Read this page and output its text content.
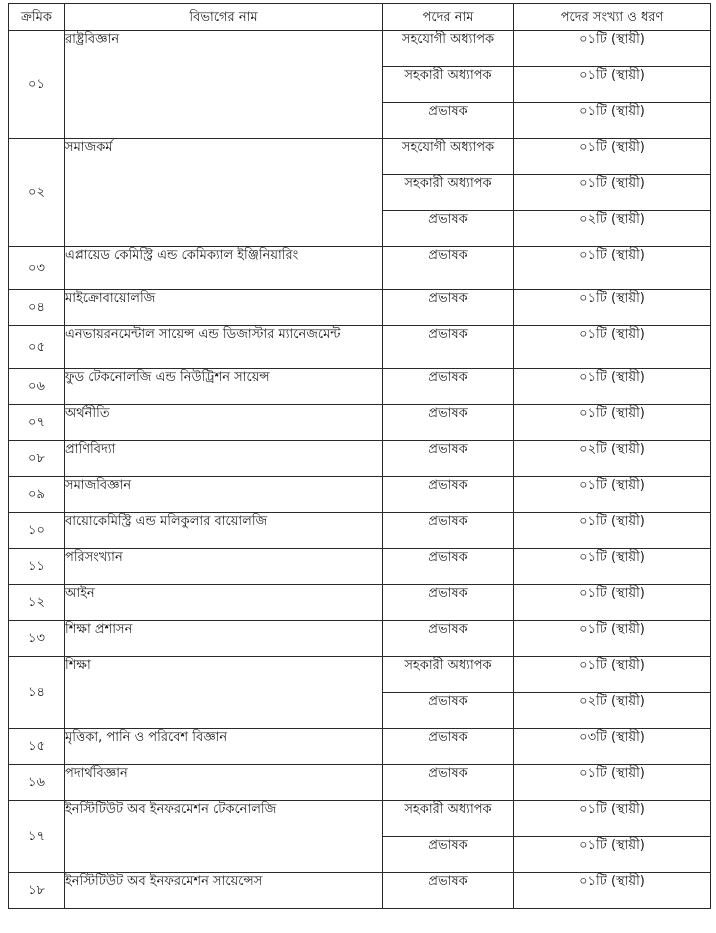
ক্রমিক	বিভাগের নাম	পদের নাম	পদের সংখ্যা ও ধরণ
০১	রাষ্ট্রবিজ্ঞান	সহযোগী অধ্যাপক	০১টি (স্থায়ী)
		সহকারী অধ্যাপক	০১টি (স্থায়ী)
		প্রভাষক	০১টি (স্থায়ী)
০২	সমাজকর্ম	সহযোগী অধ্যাপক	০১টি (স্থায়ী)
		সহকারী অধ্যাপক	০১টি (স্থায়ী)
		প্রভাষক	০২টি (স্থায়ী)
০৩	এপ্লায়েড কেমিস্ট্রি এন্ড কেমিক্যাল ইঞ্জিনিয়ারিং	প্রভাষক	০১টি (স্থায়ী)
০৪	মাইক্রোবায়োলজি	প্রভাষক	০১টি (স্থায়ী)
০৫	এনভায়রনমেন্টাল সায়েন্স এন্ড ডিজাস্টার ম্যানেজমেন্ট	প্রভাষক	০১টি (স্থায়ী)
০৬	ফুড টেকনোলজি এন্ড নিউট্রিশন সায়েন্স	প্রভাষক	০১টি (স্থায়ী)
০৭	অর্থনীতি	প্রভাষক	০১টি (স্থায়ী)
০৮	প্রাণিবিদ্যা	প্রভাষক	০২টি (স্থায়ী)
০৯	সমাজবিজ্ঞান	প্রভাষক	০১টি (স্থায়ী)
১০	বায়োকেমিস্ট্রি এন্ড মলিকুলার বায়োলজি	প্রভাষক	০১টি (স্থায়ী)
১১	পরিসংখ্যান	প্রভাষক	০১টি (স্থায়ী)
১২	আইন	প্রভাষক	০১টি (স্থায়ী)
১৩	শিক্ষা প্রশাসন	প্রভাষক	০১টি (স্থায়ী)
১৪	শিক্ষা	সহকারী অধ্যাপক	০১টি (স্থায়ী)
		প্রভাষক	০২টি (স্থায়ী)
১৫	মৃত্তিকা, পানি ও পরিবেশ বিজ্ঞান	প্রভাষক	০৩টি (স্থায়ী)
১৬	পদার্থবিজ্ঞান	প্রভাষক	০১টি (স্থায়ী)
১৭	ইনস্টিটিউট অব ইনফরমেশন টেকনোলজি	সহকারী অধ্যাপক	০১টি (স্থায়ী)
		প্রভাষক	০১টি (স্থায়ী)
১৮	ইনস্টিটিউট অব ইনফরমেশন সায়েন্সেস	প্রভাষক	০১টি (স্থায়ী)
